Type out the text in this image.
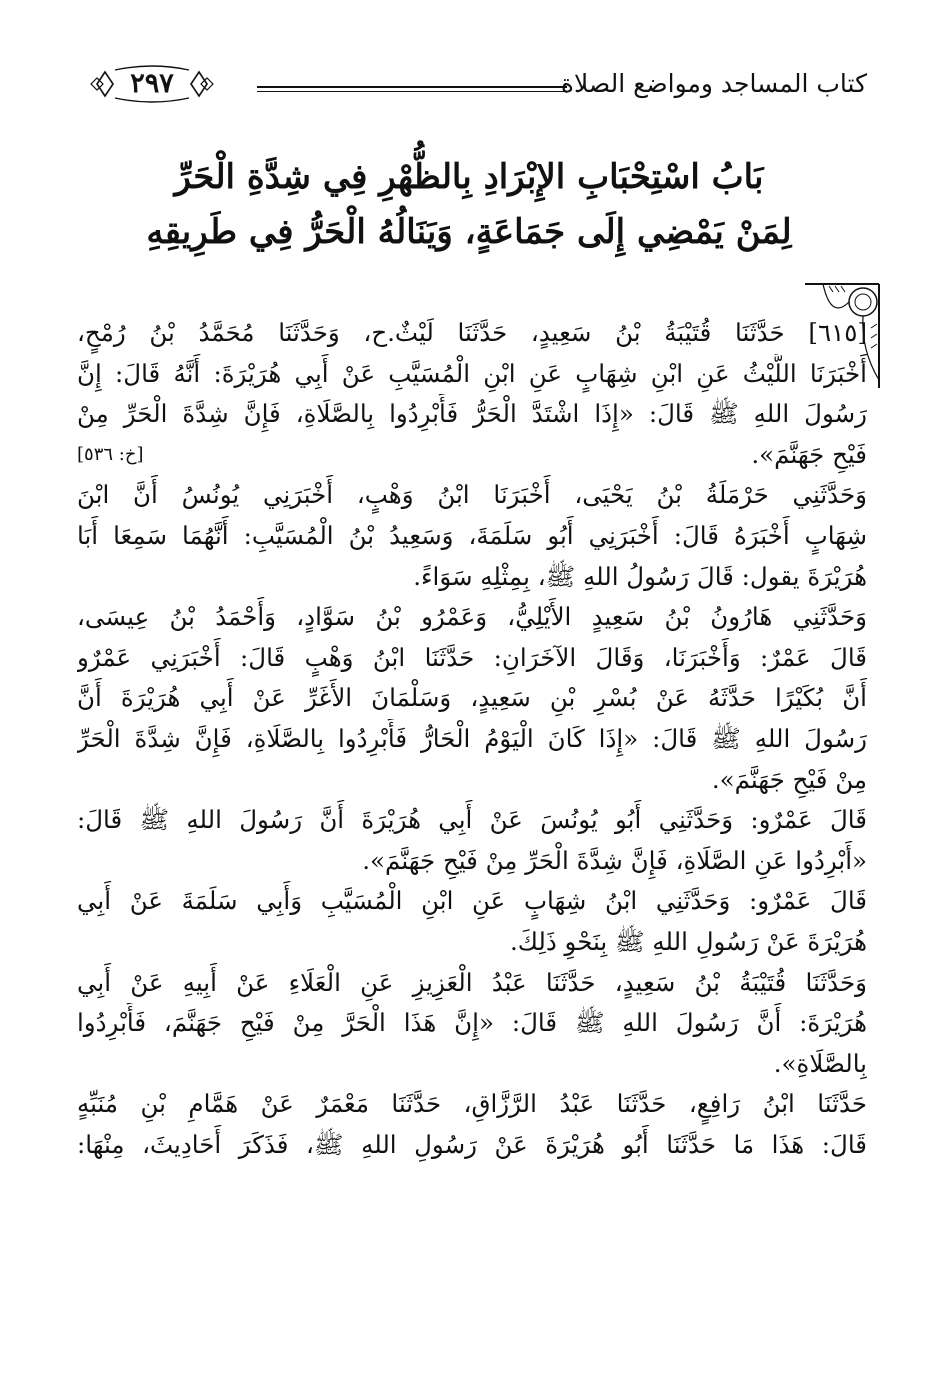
كتاب المساجد ومواضع الصلاة
٢٩٧
بَابُ اسْتِحْبَابِ الإِبْرَادِ بِالظُّهْرِ فِي شِدَّةِ الْحَرِّ
لِمَنْ يَمْضِي إِلَى جَمَاعَةٍ، وَيَنَالُهُ الْحَرُّ فِي طَرِيقِهِ
[٦١٥] حَدَّثَنَا قُتَيْبَةُ بْنُ سَعِيدٍ، حَدَّثَنَا لَيْثٌ.ح، وَحَدَّثَنَا مُحَمَّدُ بْنُ رُمْحٍ،
أَخْبَرَنَا اللَّيْثُ عَنِ ابْنِ شِهَابٍ عَنِ ابْنِ الْمُسَيَّبِ عَنْ أَبِي هُرَيْرَةَ: أَنَّهُ قَالَ: إِنَّ
رَسُولَ اللهِ ﷺ قَالَ: «إِذَا اشْتَدَّ الْحَرُّ فَأَبْرِدُوا بِالصَّلَاةِ، فَإِنَّ شِدَّةَ الْحَرِّ مِنْ
فَيْحِ جَهَنَّمَ».
[خ: ٥٣٦]
وَحَدَّثَنِي حَرْمَلَةُ بْنُ يَحْيَى، أَخْبَرَنَا ابْنُ وَهْبٍ، أَخْبَرَنِي يُونُسُ أَنَّ ابْنَ
شِهَابٍ أَخْبَرَهُ قَالَ: أَخْبَرَنِي أَبُو سَلَمَةَ، وَسَعِيدُ بْنُ الْمُسَيَّبِ: أَنَّهُمَا سَمِعَا أَبَا
هُرَيْرَةَ يقول: قَالَ رَسُولُ اللهِ ﷺ، بِمِثْلِهِ سَوَاءً.
وَحَدَّثَنِي هَارُونُ بْنُ سَعِيدٍ الأَيْلِيُّ، وَعَمْرُو بْنُ سَوَّادٍ، وَأَحْمَدُ بْنُ عِيسَى،
قَالَ عَمْرٌ: وَأَخْبَرَنَا، وَقَالَ الآخَرَانِ: حَدَّثَنَا ابْنُ وَهْبٍ قَالَ: أَخْبَرَنِي عَمْرٌو
أَنَّ بُكَيْرًا حَدَّثَهُ عَنْ بُسْرِ بْنِ سَعِيدٍ، وَسَلْمَانَ الأَغَرِّ عَنْ أَبِي هُرَيْرَةَ أَنَّ
رَسُولَ اللهِ ﷺ قَالَ: «إِذَا كَانَ الْيَوْمُ الْحَارُّ فَأَبْرِدُوا بِالصَّلَاةِ، فَإِنَّ شِدَّةَ الْحَرِّ
مِنْ فَيْحِ جَهَنَّمَ».
قَالَ عَمْرٌو: وَحَدَّثَنِي أَبُو يُونُسَ عَنْ أَبِي هُرَيْرَةَ أَنَّ رَسُولَ اللهِ ﷺ قَالَ:
«أَبْرِدُوا عَنِ الصَّلَاةِ، فَإِنَّ شِدَّةَ الْحَرِّ مِنْ فَيْحِ جَهَنَّمَ».
قَالَ عَمْرٌو: وَحَدَّثَنِي ابْنُ شِهَابٍ عَنِ ابْنِ الْمُسَيَّبِ وَأَبِي سَلَمَةَ عَنْ أَبِي
هُرَيْرَةَ عَنْ رَسُولِ اللهِ ﷺ بِنَحْوِ ذَلِكَ.
وَحَدَّثَنَا قُتَيْبَةُ بْنُ سَعِيدٍ، حَدَّثَنَا عَبْدُ الْعَزِيزِ عَنِ الْعَلَاءِ عَنْ أَبِيهِ عَنْ أَبِي
هُرَيْرَةَ: أَنَّ رَسُولَ اللهِ ﷺ قَالَ: «إِنَّ هَذَا الْحَرَّ مِنْ فَيْحِ جَهَنَّمَ، فَأَبْرِدُوا
بِالصَّلَاةِ».
حَدَّثَنَا ابْنُ رَافِعٍ، حَدَّثَنَا عَبْدُ الرَّزَّاقِ، حَدَّثَنَا مَعْمَرٌ عَنْ هَمَّامِ بْنِ مُنَبِّهٍ
قَالَ: هَذَا مَا حَدَّثَنَا أَبُو هُرَيْرَةَ عَنْ رَسُولِ اللهِ ﷺ، فَذَكَرَ أَحَادِيثَ، مِنْهَا:
